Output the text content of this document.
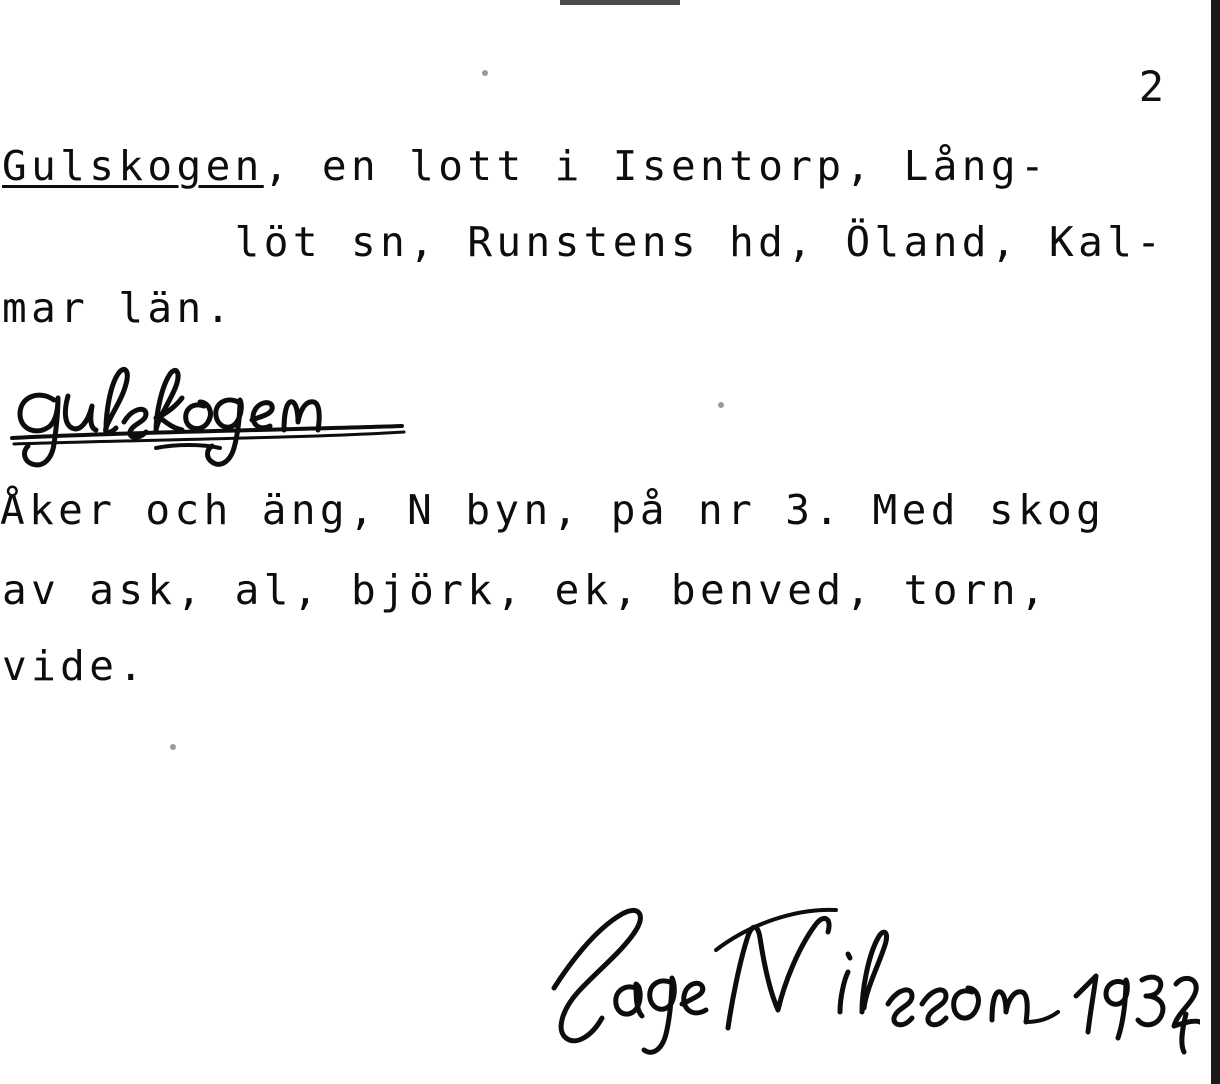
2
Gulskogen, en lott i Isentorp, Lång-
löt sn, Runstens hd, Öland, Kal-
mar län.
Åker och äng, N byn, på nr 3. Med skog
av ask, al, björk, ek, benved, torn,
vide.
